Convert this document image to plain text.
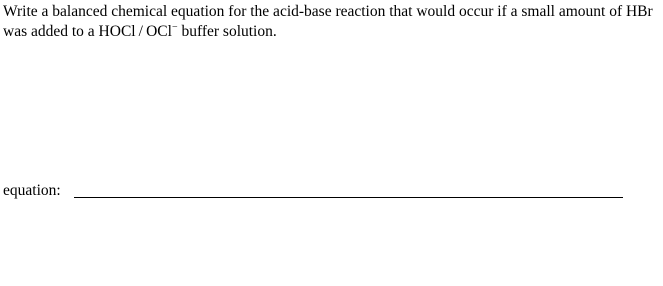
Write a balanced chemical equation for the acid-base reaction that would occur if a small amount of HBr was added to a HOCl / OCl− buffer solution.
equation:
